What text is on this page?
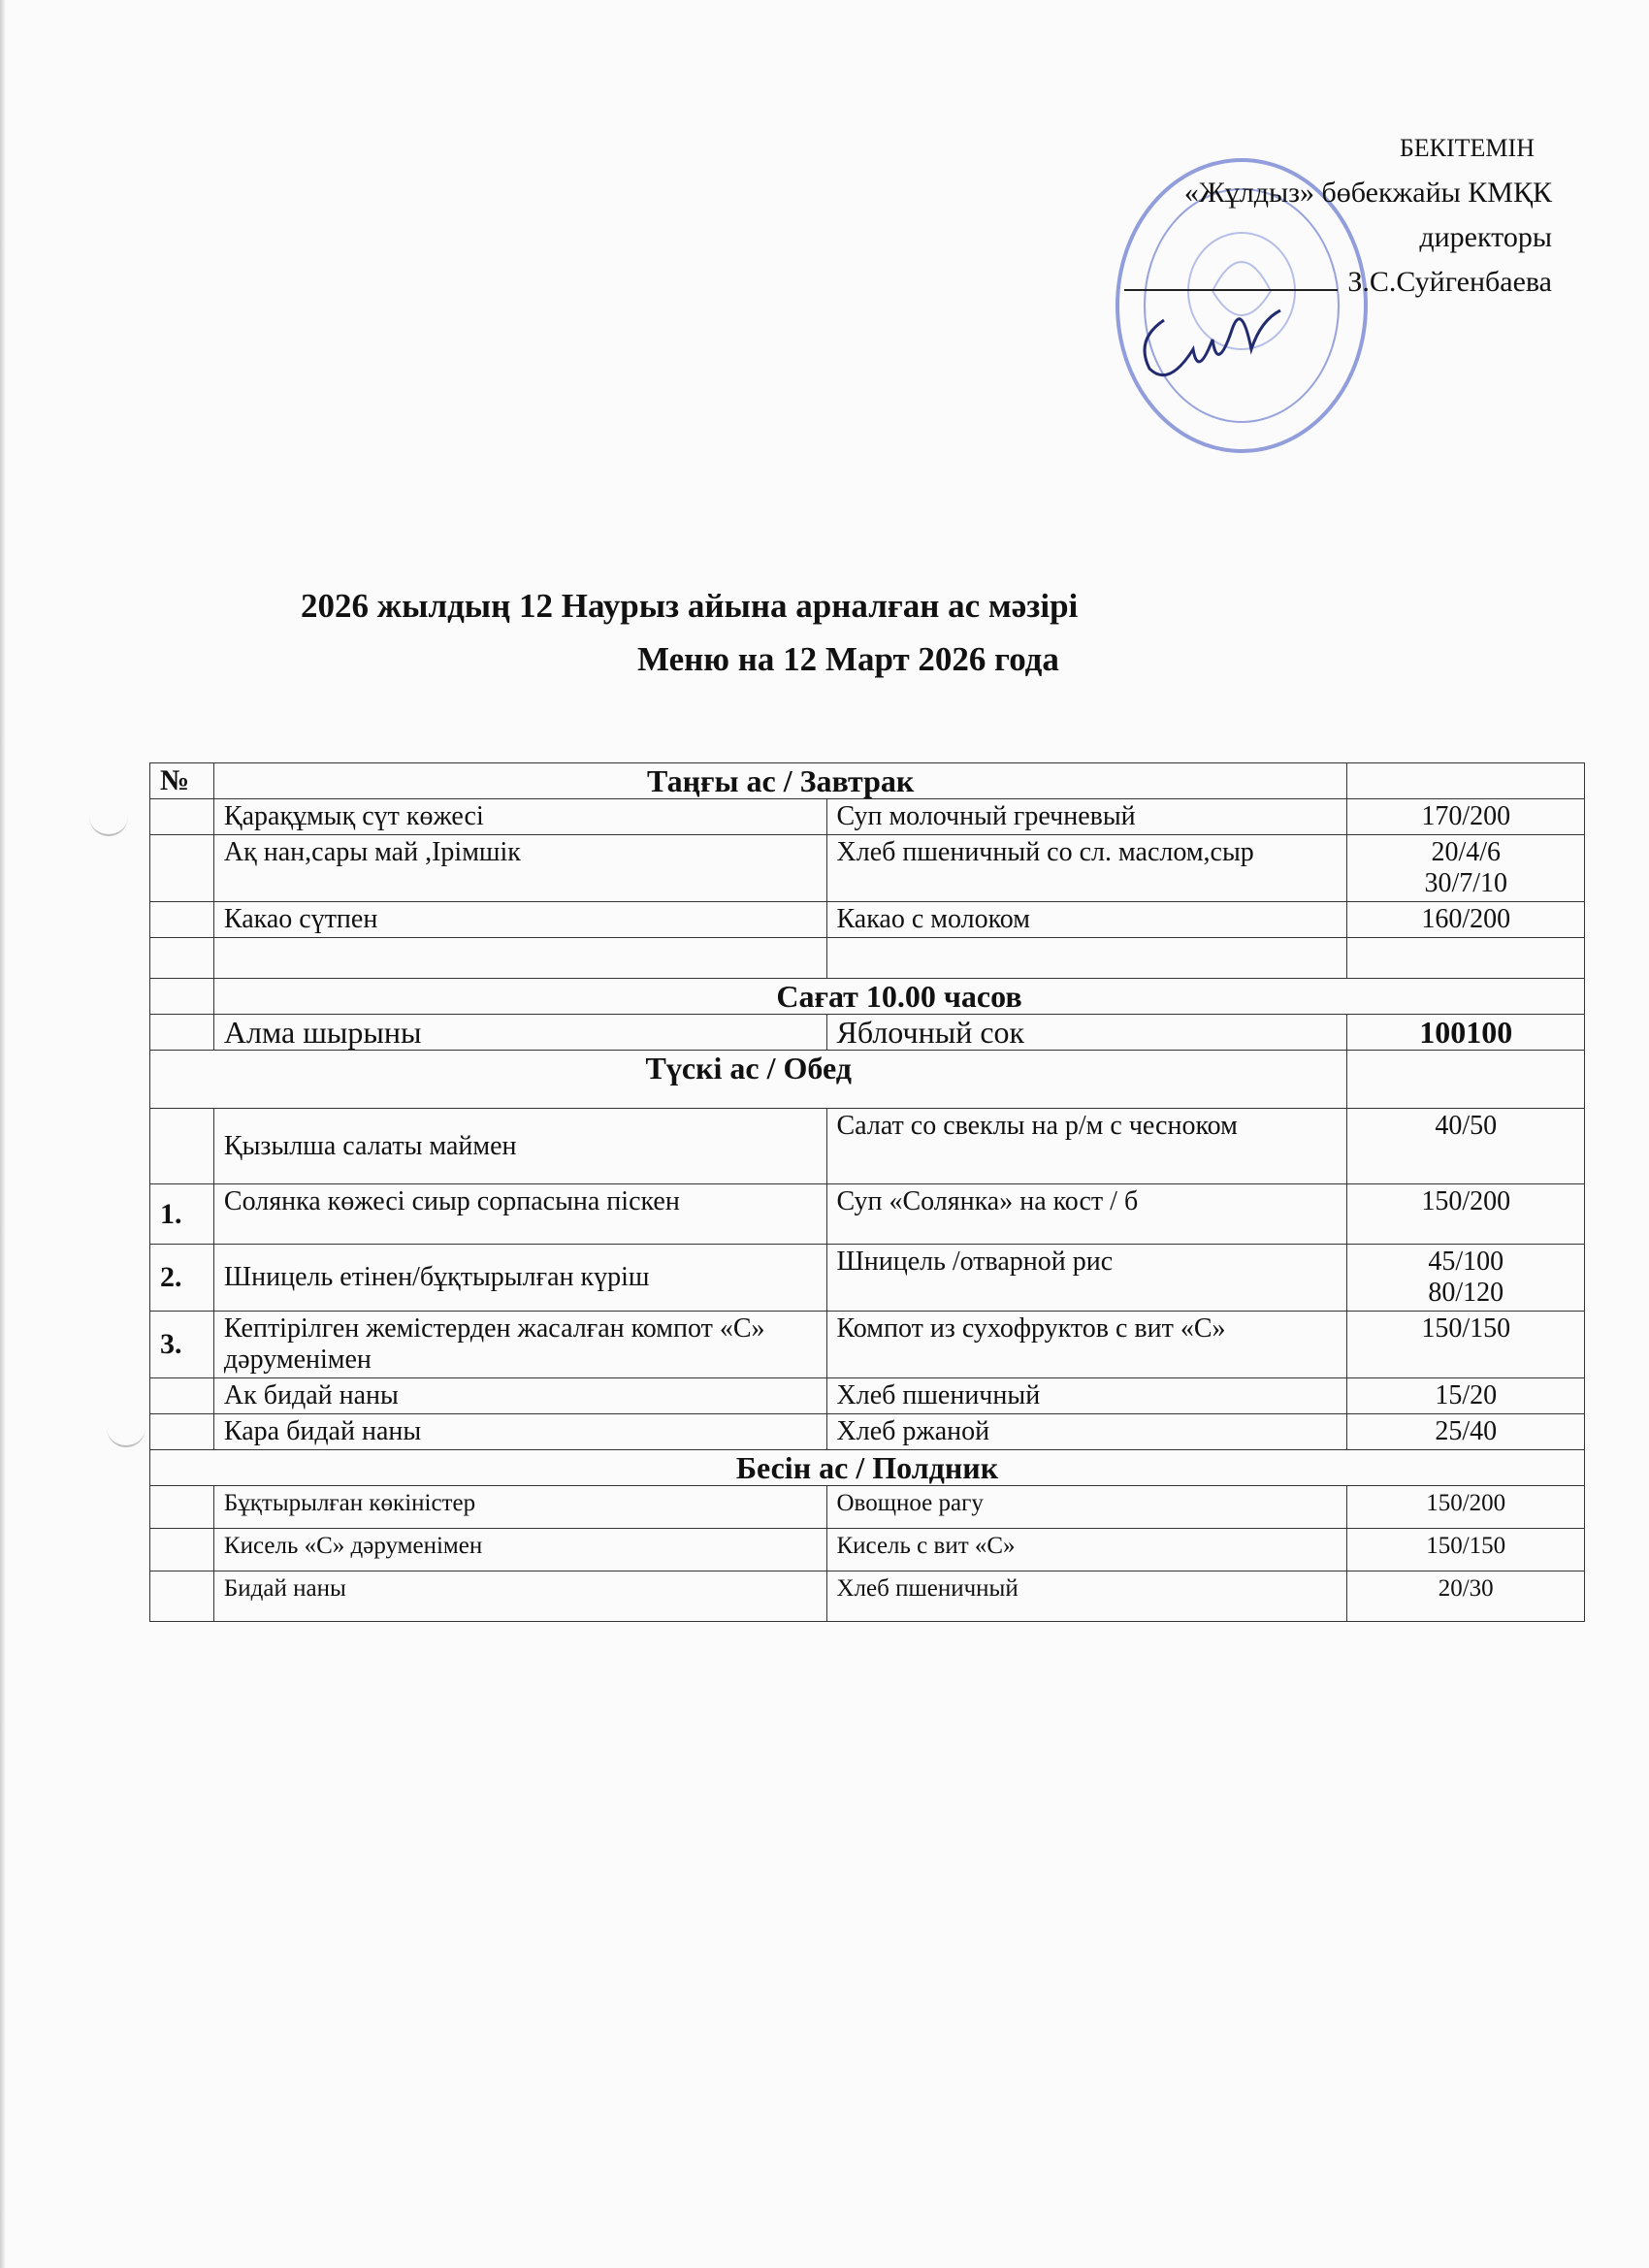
БЕКІТЕМІН
«Жұлдыз» бөбекжайы КМҚК
директоры
З.С.Суйгенбаева
2026 жылдың 12 Наурыз айына арналған ас мәзірі
Меню на 12 Март 2026 года
№	Таңғы ас / Завтрак		
	Қарақұмық сүт көжесі	Суп молочный гречневый	170/200
	Ақ нан,сары май ,Ірімшік	Хлеб пшеничный со сл. маслом,сыр	20/4/6
30/7/10

	Какао сүтпен	Какао с молоком	160/200

	Сағат 10.00 часов		
	Алма шырыны	Яблочный сок	100100
Түскі ас / Обед			
	Қызылша салаты маймен	Салат со свеклы на р/м с чесноком	40/50
1.	Солянка көжесі сиыр сорпасына піскен	Суп «Солянка» на кост / б	150/200
2.	Шницель етінен/бұқтырылған күріш	Шницель /отварной рис	45/100
80/120

3.	Кептірілген жемістерден жасалған компот «С» дәруменімен	Компот из сухофруктов с вит «С»	150/150
	Ак бидай наны	Хлеб пшеничный	15/20
	Кара бидай наны	Хлеб ржаной	25/40
Бесін ас / Полдник			
	Бұқтырылған көкіністер	Овощное рагу	150/200
	Кисель «С» дәруменімен	Кисель с вит «С»	150/150
	Бидай наны	Хлеб пшеничный	20/30
